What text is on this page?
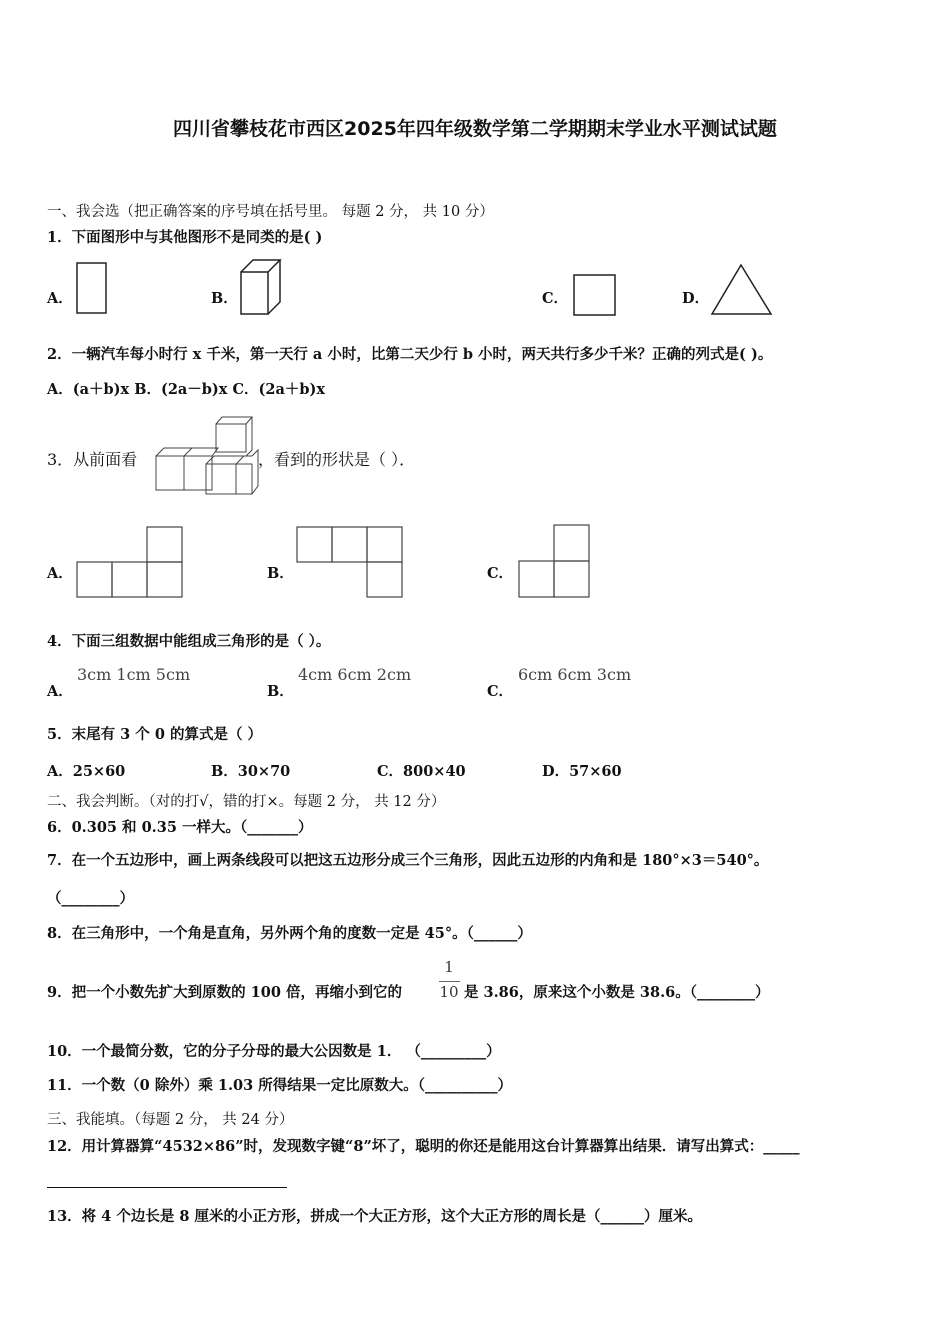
四川省攀枝花市西区2025年四年级数学第二学期期末学业水平测试试题
一、我会选（把正确答案的序号填在括号里。 每题 2 分， 共 10 分）
1．下面图形中与其他图形不是同类的是( )
A．	B．	C．	D．
2．一辆汽车每小时行 x 千米，第一天行 a 小时，比第二天少行 b 小时，两天共行多少千米？正确的列式是( )。
A．(a＋b)x B．(2a－b)x C．(2a＋b)x
3．从前面看	，看到的形状是（ ）．
A．	B．	C．
4．下面三组数据中能组成三角形的是（ ）。
A．
3cm 1cm 5cm
B．
4cm 6cm 2cm
C．
6cm 6cm 3cm
5．末尾有 3 个 0 的算式是（ ）
A．25×60	B．30×70	C．800×40	D．57×60
二、我会判断。（对的打√，错的打×。每题 2 分， 共 12 分）
6．0.305 和 0.35 一样大。（_______）
7．在一个五边形中，画上两条线段可以把这五边形分成三个三角形，因此五边形的内角和是 180°×3＝540°。
（________）
8．在三角形中，一个角是直角，另外两个角的度数一定是 45°。（______）
9．把一个小数先扩大到原数的 100 倍，再缩小到它的
1
10 是 3.86，原来这个小数是 38.6。（________）
10．一个最简分数，它的分子分母的最大公因数是 1． （_________）
11．一个数（0 除外）乘 1.03 所得结果一定比原数大。（__________）
三、我能填。（每题 2 分， 共 24 分）
12．用计算器算“4532×86”时，发现数字键“8”坏了，聪明的你还是能用这台计算器算出结果．请写出算式：_____
13．将 4 个边长是 8 厘米的小正方形，拼成一个大正方形，这个大正方形的周长是（______）厘米。
